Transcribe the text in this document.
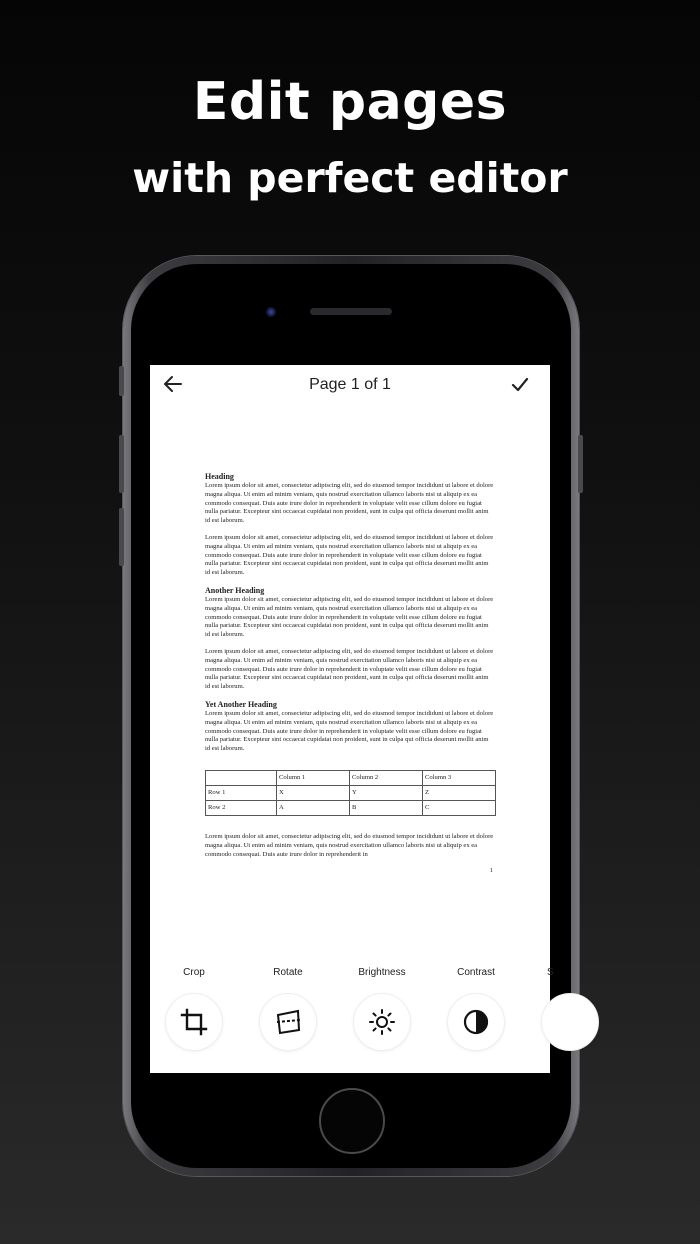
Edit pages
with perfect editor
Page 1 of 1
Heading

Lorem ipsum dolor sit amet, consectetur adipiscing elit, sed do eiusmod tempor incididunt ut labore et dolore magna aliqua. Ut enim ad minim veniam, quis nostrud exercitation ullamco laboris nisi ut aliquip ex ea commodo consequat. Duis aute irure dolor in reprehenderit in voluptate velit esse cillum dolore eu fugiat nulla pariatur. Excepteur sint occaecat cupidatat non proident, sunt in culpa qui officia deserunt mollit anim id est laborum.

Lorem ipsum dolor sit amet, consectetur adipiscing elit, sed do eiusmod tempor incididunt ut labore et dolore magna aliqua. Ut enim ad minim veniam, quis nostrud exercitation ullamco laboris nisi ut aliquip ex ea commodo consequat. Duis aute irure dolor in reprehenderit in voluptate velit esse cillum dolore eu fugiat nulla pariatur. Excepteur sint occaecat cupidatat non proident, sunt in culpa qui officia deserunt mollit anim id est laborum.

Another Heading

Lorem ipsum dolor sit amet, consectetur adipiscing elit, sed do eiusmod tempor incididunt ut labore et dolore magna aliqua. Ut enim ad minim veniam, quis nostrud exercitation ullamco laboris nisi ut aliquip ex ea commodo consequat. Duis aute irure dolor in reprehenderit in voluptate velit esse cillum dolore eu fugiat nulla pariatur. Excepteur sint occaecat cupidatat non proident, sunt in culpa qui officia deserunt mollit anim id est laborum.

Lorem ipsum dolor sit amet, consectetur adipiscing elit, sed do eiusmod tempor incididunt ut labore et dolore magna aliqua. Ut enim ad minim veniam, quis nostrud exercitation ullamco laboris nisi ut aliquip ex ea commodo consequat. Duis aute irure dolor in reprehenderit in voluptate velit esse cillum dolore eu fugiat nulla pariatur. Excepteur sint occaecat cupidatat non proident, sunt in culpa qui officia deserunt mollit anim id est laborum.

Yet Another Heading

Lorem ipsum dolor sit amet, consectetur adipiscing elit, sed do eiusmod tempor incididunt ut labore et dolore magna aliqua. Ut enim ad minim veniam, quis nostrud exercitation ullamco laboris nisi ut aliquip ex ea commodo consequat. Duis aute irure dolor in reprehenderit in voluptate velit esse cillum dolore eu fugiat nulla pariatur. Excepteur sint occaecat cupidatat non proident, sunt in culpa qui officia deserunt mollit anim id est laborum.

	Column 1	Column 2	Column 3
Row 1	X	Y	Z
Row 2	A	B	C

Lorem ipsum dolor sit amet, consectetur adipiscing elit, sed do eiusmod tempor incididunt ut labore et dolore magna aliqua. Ut enim ad minim veniam, quis nostrud exercitation ullamco laboris nisi ut aliquip ex ea commodo consequat. Duis aute irure dolor in reprehenderit in

1
Crop	Rotate	Brightness	Contrast	S
